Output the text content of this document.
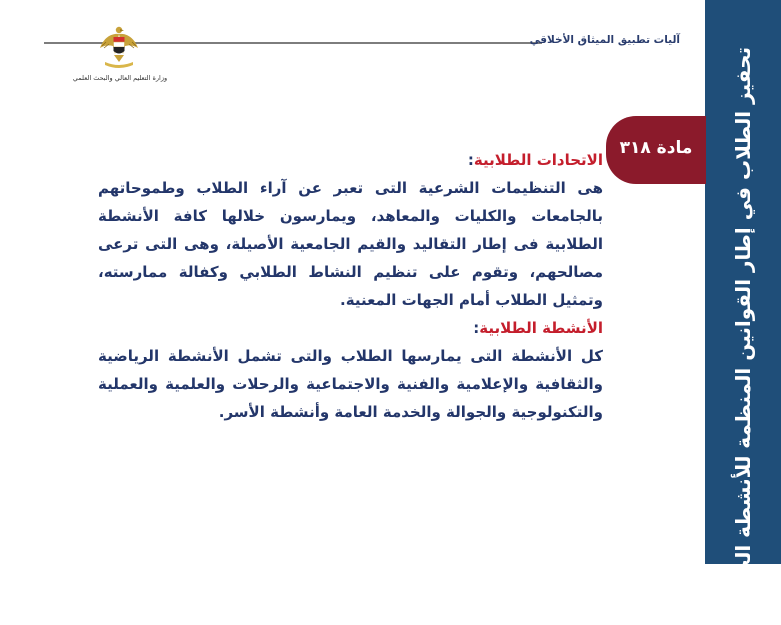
آليات تطبيق الميثاق الأخلاقي
وزارة التعليم العالي والبحث العلمي	تحفيز الطلاب في إطار القوانين المنظمة للأنشطة الجامعية
مادة ٣١٨

الاتحادات الطلابية:

هى التنظيمات الشرعية التى تعبر عن آراء الطلاب وطموحاتهم بالجامعات والكليات والمعاهد، ويمارسون خلالها كافة الأنشطة الطلابية فى إطار التقاليد والقيم الجامعية الأصيلة، وهى التى ترعى مصالحهم، وتقوم على تنظيم النشاط الطلابي وكفالة ممارسته، وتمثيل الطلاب أمام الجهات المعنية.

الأنشطة الطلابية:

كل الأنشطة التى يمارسها الطلاب والتى تشمل الأنشطة الرياضية والثقافية والإعلامية والفنية والاجتماعية والرحلات والعلمية والعملية والتكنولوجية والجوالة والخدمة العامة وأنشطة الأسر.
